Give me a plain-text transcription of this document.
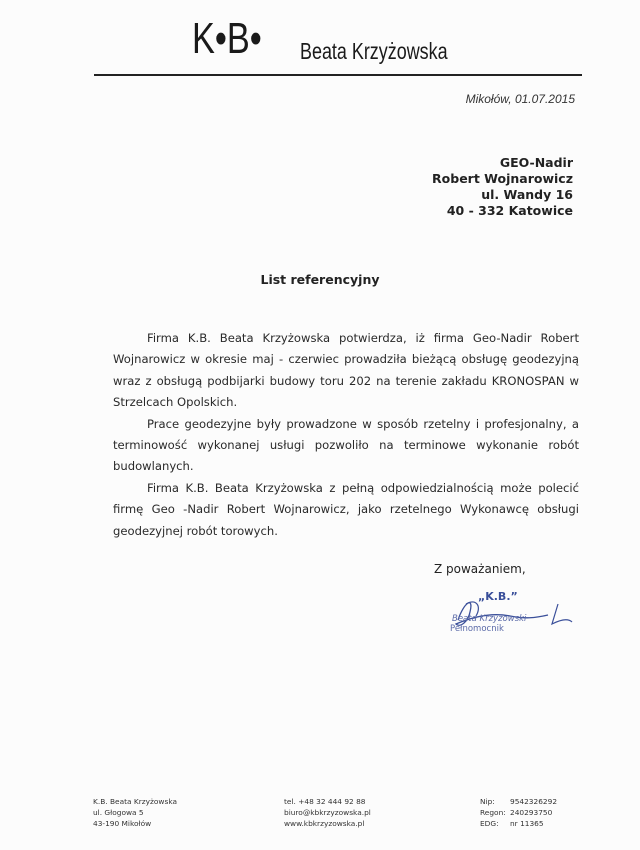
K•B• Beata Krzyżowska
Mikołów, 01.07.2015
GEO-Nadir
Robert Wojnarowicz
ul. Wandy 16
40 - 332 Katowice
List referencyjny

Firma K.B. Beata Krzyżowska potwierdza, iż firma Geo-Nadir Robert Wojnarowicz w okresie maj - czerwiec prowadziła bieżącą obsługę geodezyjną wraz z obsługą podbijarki budowy toru 202 na terenie zakładu KRONOSPAN w Strzelcach Opolskich.

Prace geodezyjne były prowadzone w sposób rzetelny i profesjonalny, a terminowość wykonanej usługi pozwoliło na terminowe wykonanie robót budowlanych.

Firma K.B. Beata Krzyżowska z pełną odpowiedzialnością może polecić firmę Geo -Nadir Robert Wojnarowicz, jako rzetelnego Wykonawcę obsługi geodezyjnej robót torowych.

Z poważaniem,
„K.B.”
Beata Krzyżowski
Pełnomocnik
K.B. Beata Krzyżowska
ul. Głogowa 5
43-190 Mikołów
tel. +48 32 444 92 88
biuro@kbkrzyzowska.pl
www.kbkrzyzowska.pl
Nip:	9542326292
Regon: 240293750
EDG:	nr 11365
